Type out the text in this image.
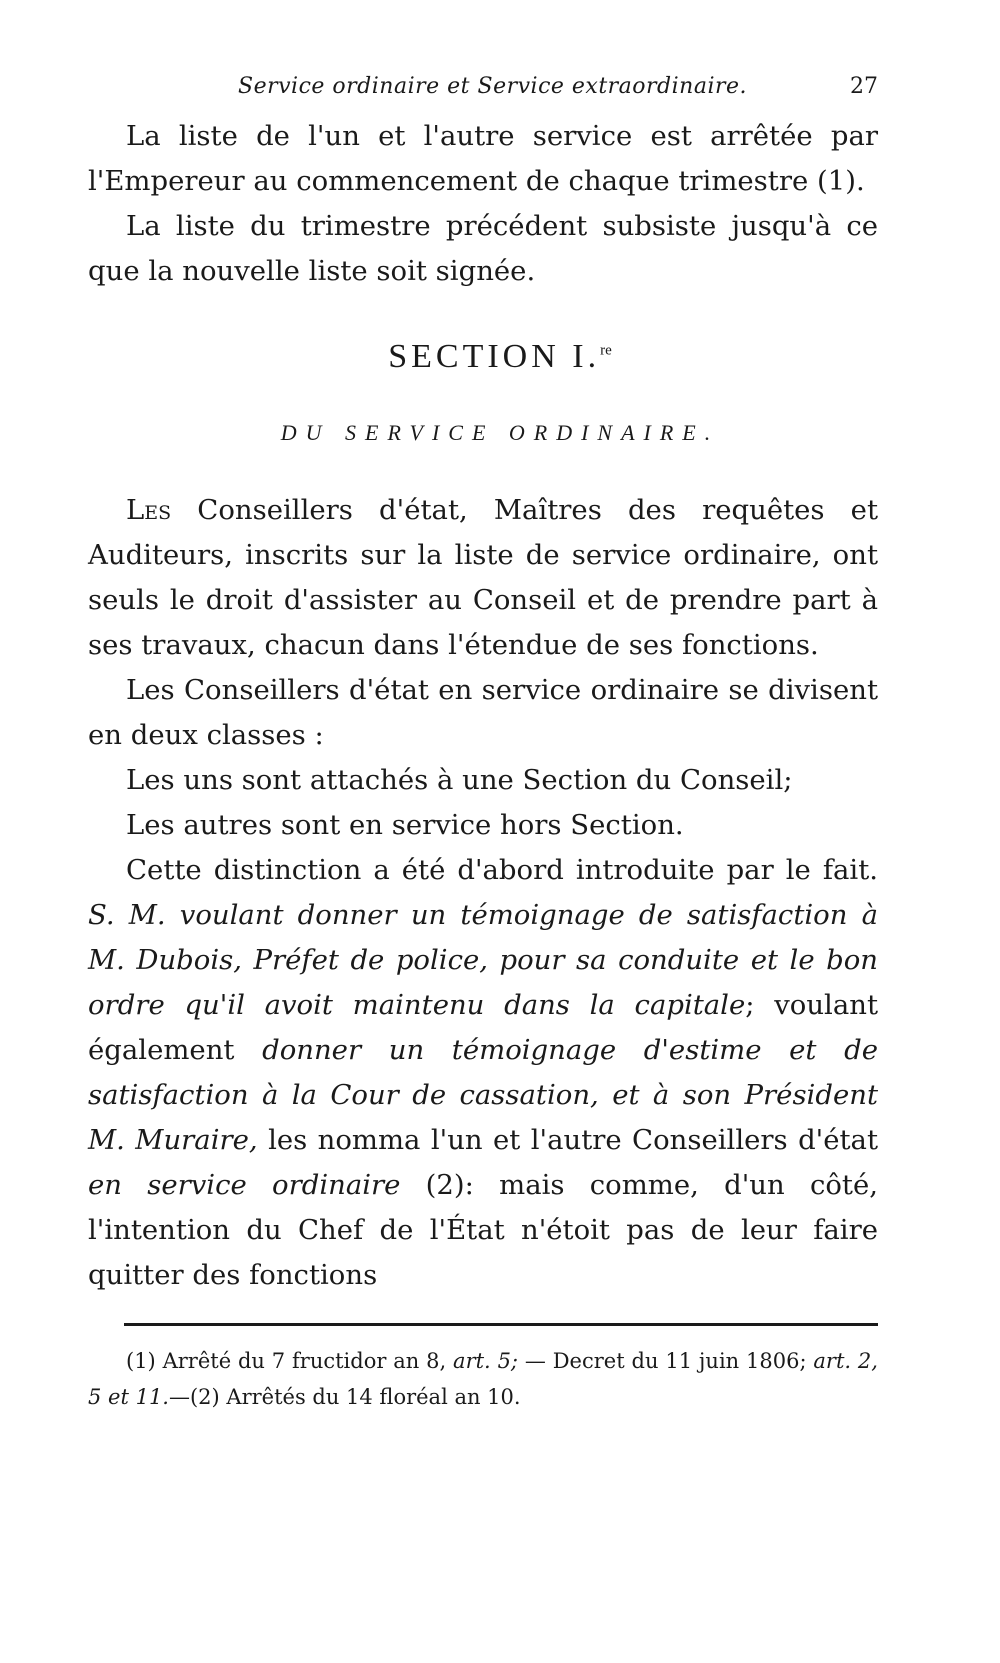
Service ordinaire et Service extraordinaire.	27

La liste de l'un et l'autre service est arrêtée par l'Empereur au commencement de chaque trimestre (1).

La liste du trimestre précédent subsiste jusqu'à ce que la nouvelle liste soit signée.

SECTION I.$^{re}$
DU SERVICE ORDINAIRE.

Les Conseillers d'état, Maîtres des requêtes et Auditeurs, inscrits sur la liste de service ordinaire, ont seuls le droit d'assister au Conseil et de prendre part à ses travaux, chacun dans l'étendue de ses fonctions.

Les Conseillers d'état en service ordinaire se divisent en deux classes :

Les uns sont attachés à une Section du Conseil;

Les autres sont en service hors Section.

Cette distinction a été d'abord introduite par le fait. S. M. voulant donner un témoignage de satisfaction à M. Dubois, Préfet de police, pour sa conduite et le bon ordre qu'il avoit maintenu dans la capitale; voulant également donner un témoignage d'estime et de satisfaction à la Cour de cassation, et à son Président M. Muraire, les nomma l'un et l'autre Conseillers d'état en service ordinaire (2): mais comme, d'un côté, l'intention du Chef de l'État n'étoit pas de leur faire quitter des fonctions

(1) Arrêté du 7 fructidor an 8, art. 5; — Decret du 11 juin 1806; art. 2, 5 et 11.—(2) Arrêtés du 14 floréal an 10.
